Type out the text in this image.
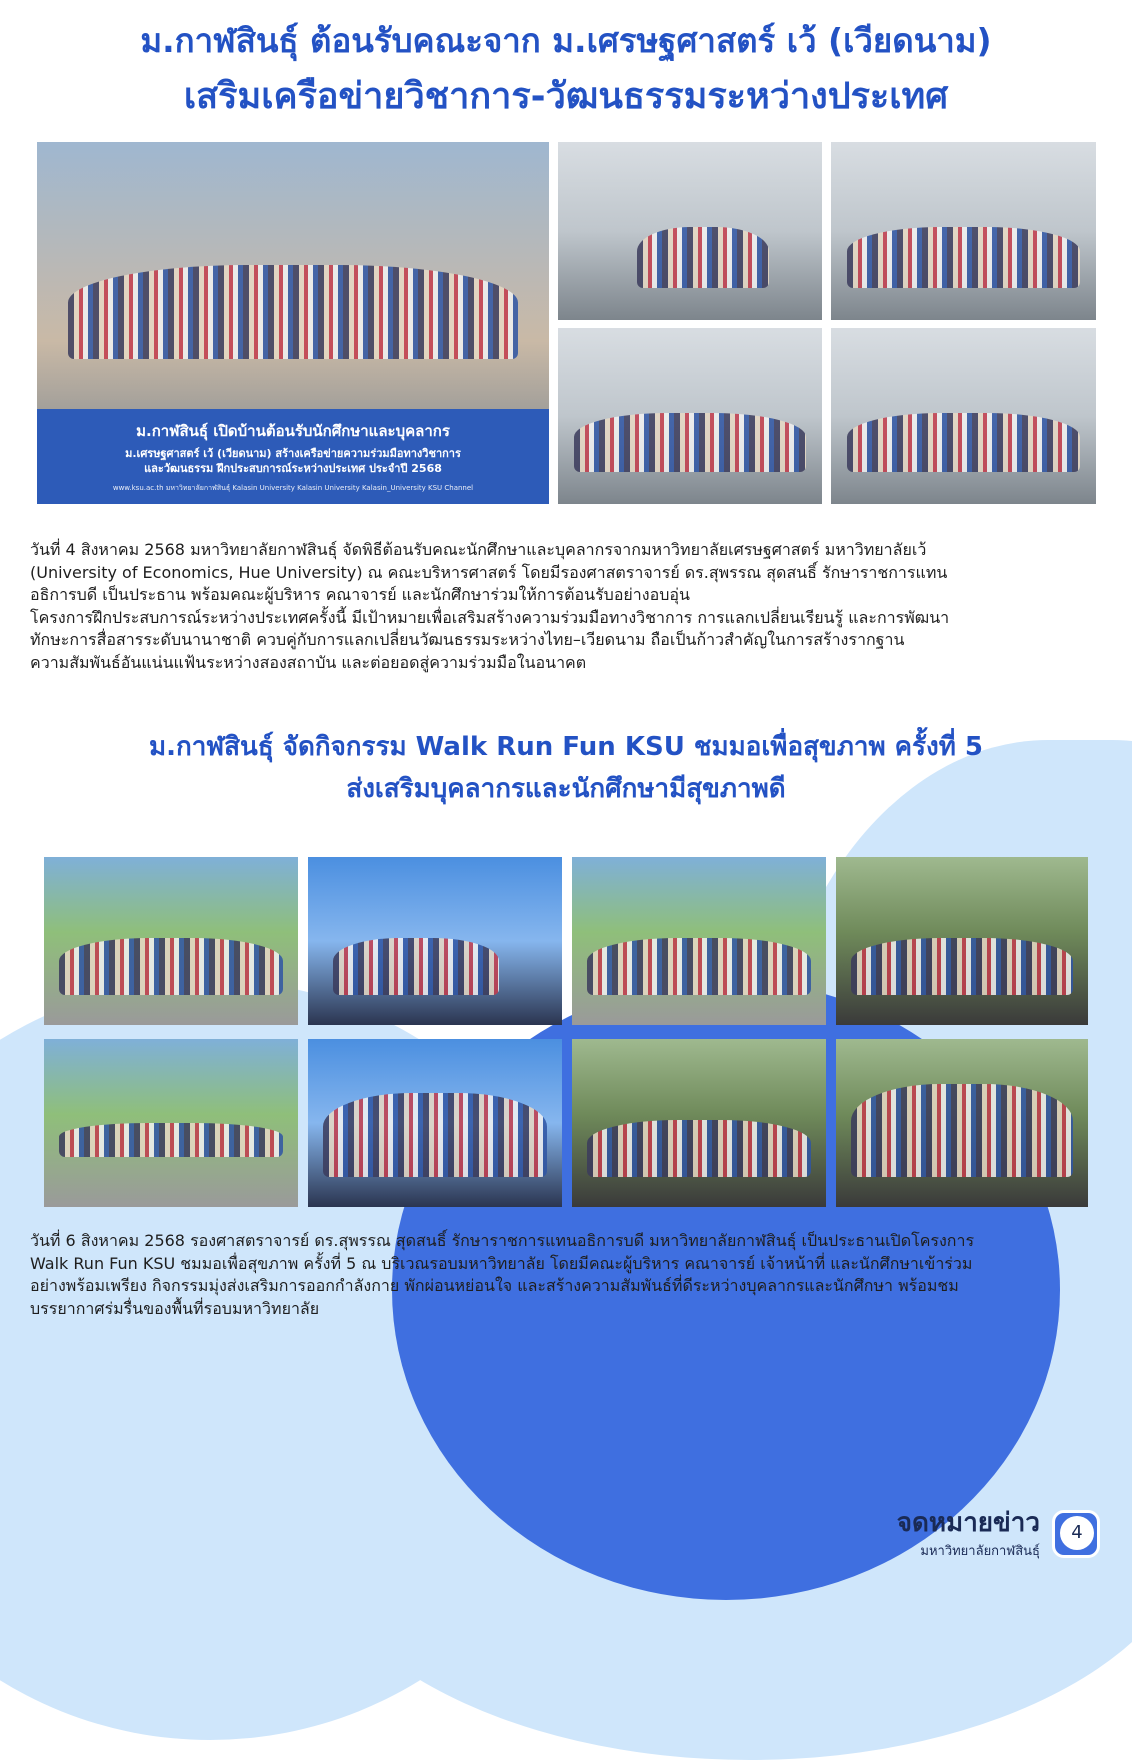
ม.กาฬสินธุ์ ต้อนรับคณะจาก ม.เศรษฐศาสตร์ เว้ (เวียดนาม)
เสริมเครือข่ายวิชาการ-วัฒนธรรมระหว่างประเทศ
ม.กาฬสินธุ์ เปิดบ้านต้อนรับนักศึกษาและบุคลากร
ม.เศรษฐศาสตร์ เว้ (เวียดนาม) สร้างเครือข่ายความร่วมมือทางวิชาการ
และวัฒนธรรม ฝึกประสบการณ์ระหว่างประเทศ ประจำปี 2568
www.ksu.ac.th มหาวิทยาลัยกาฬสินธุ์ Kalasin University Kalasin University Kalasin_University KSU Channel
วันที่ 4 สิงหาคม 2568 มหาวิทยาลัยกาฬสินธุ์ จัดพิธีต้อนรับคณะนักศึกษาและบุคลากรจากมหาวิทยาลัยเศรษฐศาสตร์ มหาวิทยาลัยเว้
(University of Economics, Hue University) ณ คณะบริหารศาสตร์ โดยมีรองศาสตราจารย์ ดร.สุพรรณ สุดสนธิ์ รักษาราชการแทน
อธิการบดี เป็นประธาน พร้อมคณะผู้บริหาร คณาจารย์ และนักศึกษาร่วมให้การต้อนรับอย่างอบอุ่น
โครงการฝึกประสบการณ์ระหว่างประเทศครั้งนี้ มีเป้าหมายเพื่อเสริมสร้างความร่วมมือทางวิชาการ การแลกเปลี่ยนเรียนรู้ และการพัฒนา
ทักษะการสื่อสารระดับนานาชาติ ควบคู่กับการแลกเปลี่ยนวัฒนธรรมระหว่างไทย–เวียดนาม ถือเป็นก้าวสำคัญในการสร้างรากฐาน
ความสัมพันธ์อันแน่นแฟ้นระหว่างสองสถาบัน และต่อยอดสู่ความร่วมมือในอนาคต
ม.กาฬสินธุ์ จัดกิจกรรม Walk Run Fun KSU ชมมอเพื่อสุขภาพ ครั้งที่ 5
ส่งเสริมบุคลากรและนักศึกษามีสุขภาพดี
วันที่ 6 สิงหาคม 2568 รองศาสตราจารย์ ดร.สุพรรณ สุดสนธิ์ รักษาราชการแทนอธิการบดี มหาวิทยาลัยกาฬสินธุ์ เป็นประธานเปิดโครงการ
Walk Run Fun KSU ชมมอเพื่อสุขภาพ ครั้งที่ 5 ณ บริเวณรอบมหาวิทยาลัย โดยมีคณะผู้บริหาร คณาจารย์ เจ้าหน้าที่ และนักศึกษาเข้าร่วม
อย่างพร้อมเพรียง กิจกรรมมุ่งส่งเสริมการออกกำลังกาย พักผ่อนหย่อนใจ และสร้างความสัมพันธ์ที่ดีระหว่างบุคลากรและนักศึกษา พร้อมชม
บรรยากาศร่มรื่นของพื้นที่รอบมหาวิทยาลัย

จดหมายข่าว

มหาวิทยาลัยกาฬสินธุ์

4
